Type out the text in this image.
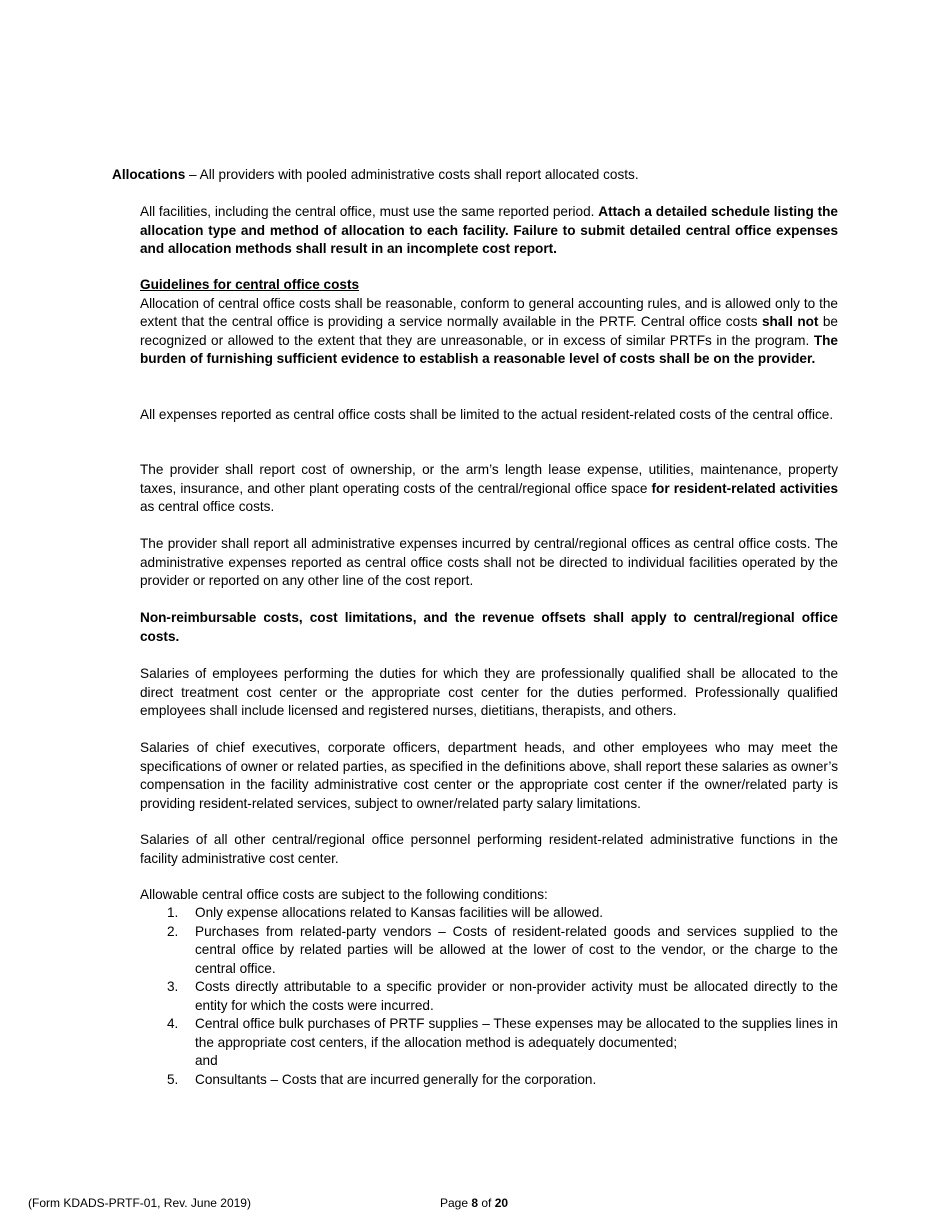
Allocations – All providers with pooled administrative costs shall report allocated costs.

All facilities, including the central office, must use the same reported period. Attach a detailed schedule listing the allocation type and method of allocation to each facility. Failure to submit detailed central office expenses and allocation methods shall result in an incomplete cost report.

Guidelines for central office costs
Allocation of central office costs shall be reasonable, conform to general accounting rules, and is allowed only to the extent that the central office is providing a service normally available in the PRTF. Central office costs shall not be recognized or allowed to the extent that they are unreasonable, or in excess of similar PRTFs in the program. The burden of furnishing sufficient evidence to establish a reasonable level of costs shall be on the provider.

All expenses reported as central office costs shall be limited to the actual resident-related costs of the central office.

The provider shall report cost of ownership, or the arm’s length lease expense, utilities, maintenance, property taxes, insurance, and other plant operating costs of the central/regional office space for resident-related activities as central office costs.

The provider shall report all administrative expenses incurred by central/regional offices as central office costs. The administrative expenses reported as central office costs shall not be directed to individual facilities operated by the provider or reported on any other line of the cost report.

Non-reimbursable costs, cost limitations, and the revenue offsets shall apply to central/regional office costs.

Salaries of employees performing the duties for which they are professionally qualified shall be allocated to the direct treatment cost center or the appropriate cost center for the duties performed. Professionally qualified employees shall include licensed and registered nurses, dietitians, therapists, and others.

Salaries of chief executives, corporate officers, department heads, and other employees who may meet the specifications of owner or related parties, as specified in the definitions above, shall report these salaries as owner’s compensation in the facility administrative cost center or the appropriate cost center if the owner/related party is providing resident-related services, subject to owner/related party salary limitations.

Salaries of all other central/regional office personnel performing resident-related administrative functions in the facility administrative cost center.

Allowable central office costs are subject to the following conditions:

1. Only expense allocations related to Kansas facilities will be allowed.
2. Purchases from related-party vendors – Costs of resident-related goods and services supplied to the central office by related parties will be allowed at the lower of cost to the vendor, or the charge to the central office.
3. Costs directly attributable to a specific provider or non-provider activity must be allocated directly to the entity for which the costs were incurred.
4. Central office bulk purchases of PRTF supplies – These expenses may be allocated to the supplies lines in the appropriate cost centers, if the allocation method is adequately documented;
and
5. Consultants – Costs that are incurred generally for the corporation.
(Form KDADS-PRTF-01, Rev. June 2019)	Page 8 of 20
